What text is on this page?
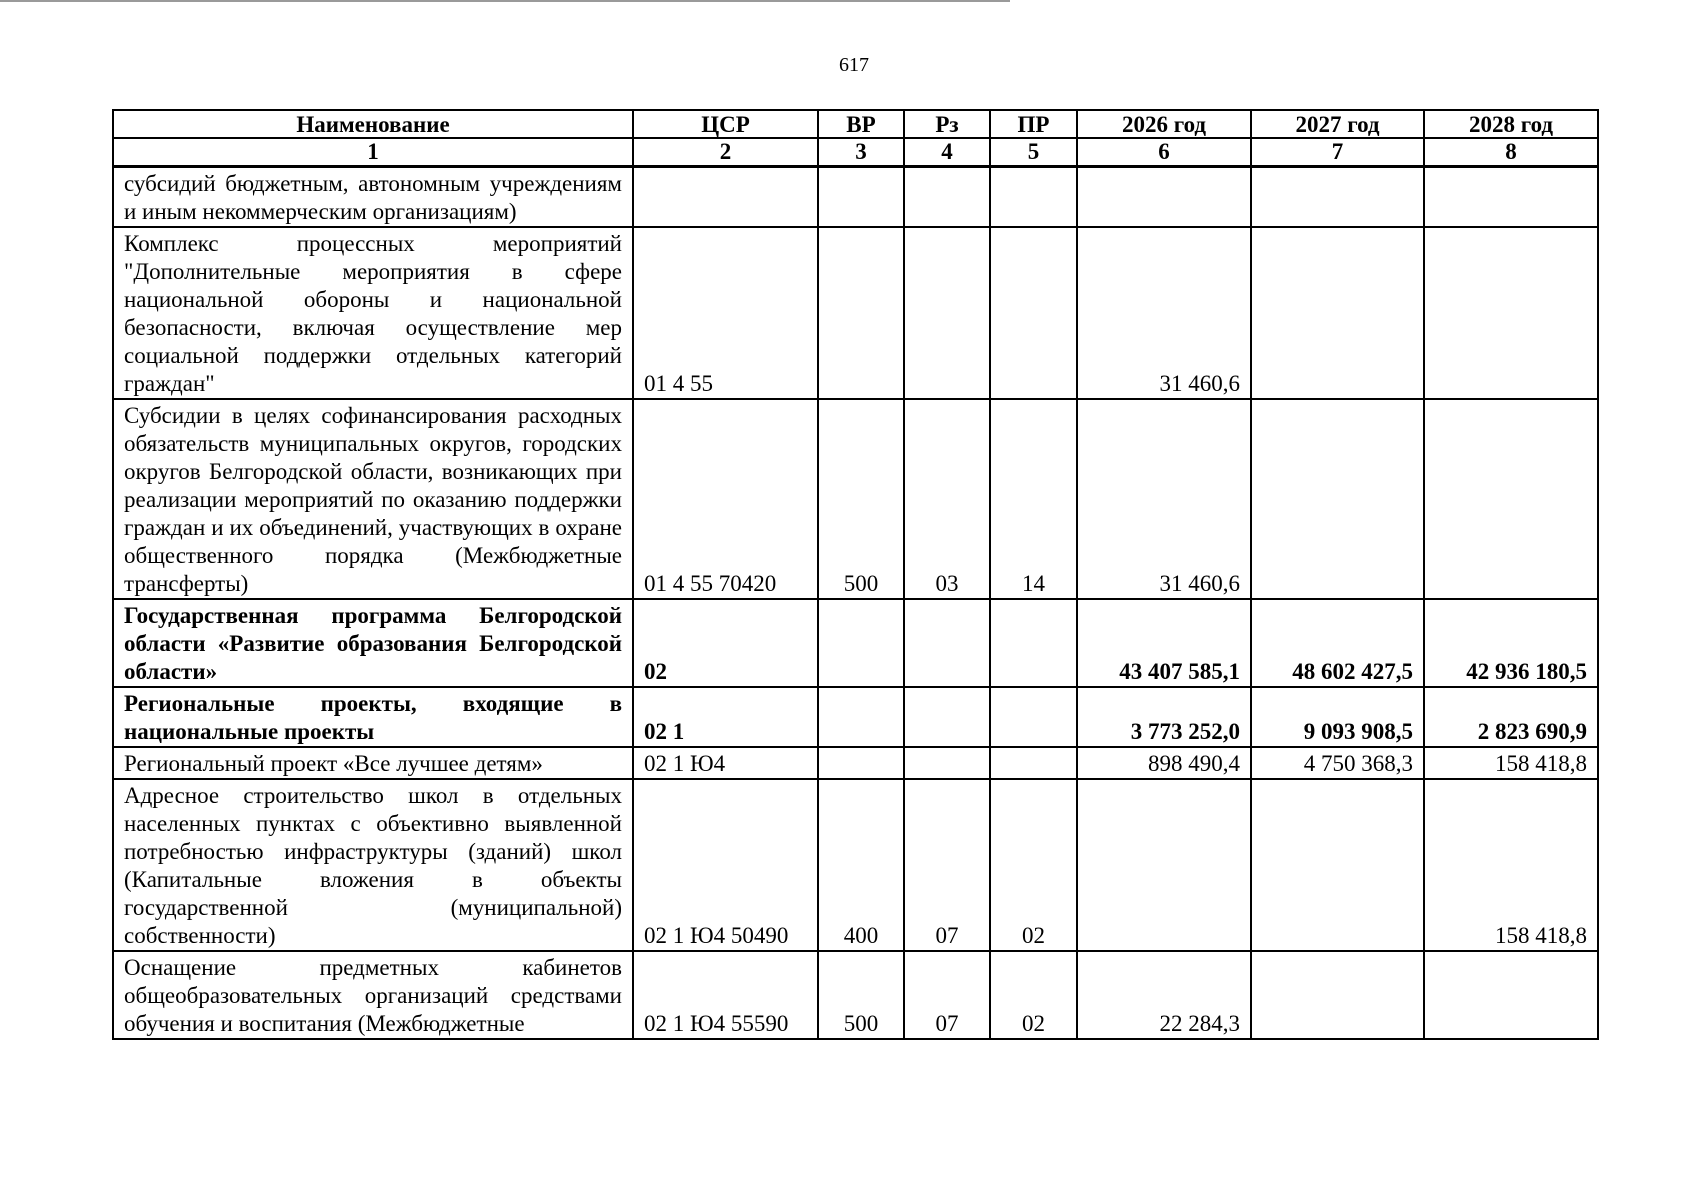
617
Наименование	ЦСР	ВР	Рз	ПР	2026 год	2027 год	2028 год
1	2	3	4	5	6	7	8
субсидий бюджетным, автономным учреждениям и иным некоммерческим организациям)							
Комплекс процессных мероприятий "Дополнительные мероприятия в сфере национальной обороны и национальной безопасности, включая осуществление мер социальной поддержки отдельных категорий граждан"	01 4 55				31 460,6		
Субсидии в целях софинансирования расходных обязательств муниципальных округов, городских округов Белгородской области, возникающих при реализации мероприятий по оказанию поддержки граждан и их объединений, участвующих в охране общественного порядка (Межбюджетные трансферты)	01 4 55 70420	500	03	14	31 460,6		
Государственная программа Белгородской области «Развитие образования Белгородской области»	02				43 407 585,1	48 602 427,5	42 936 180,5
Региональные проекты, входящие в национальные проекты	02 1				3 773 252,0	9 093 908,5	2 823 690,9
Региональный проект «Все лучшее детям»	02 1 Ю4				898 490,4	4 750 368,3	158 418,8
Адресное строительство школ в отдельных населенных пунктах с объективно выявленной потребностью инфраструктуры (зданий) школ (Капитальные вложения в объекты государственной (муниципальной) собственности)	02 1 Ю4 50490	400	07	02			158 418,8
Оснащение предметных кабинетов общеобразовательных организаций средствами обучения и воспитания (Межбюджетные	02 1 Ю4 55590	500	07	02	22 284,3		
